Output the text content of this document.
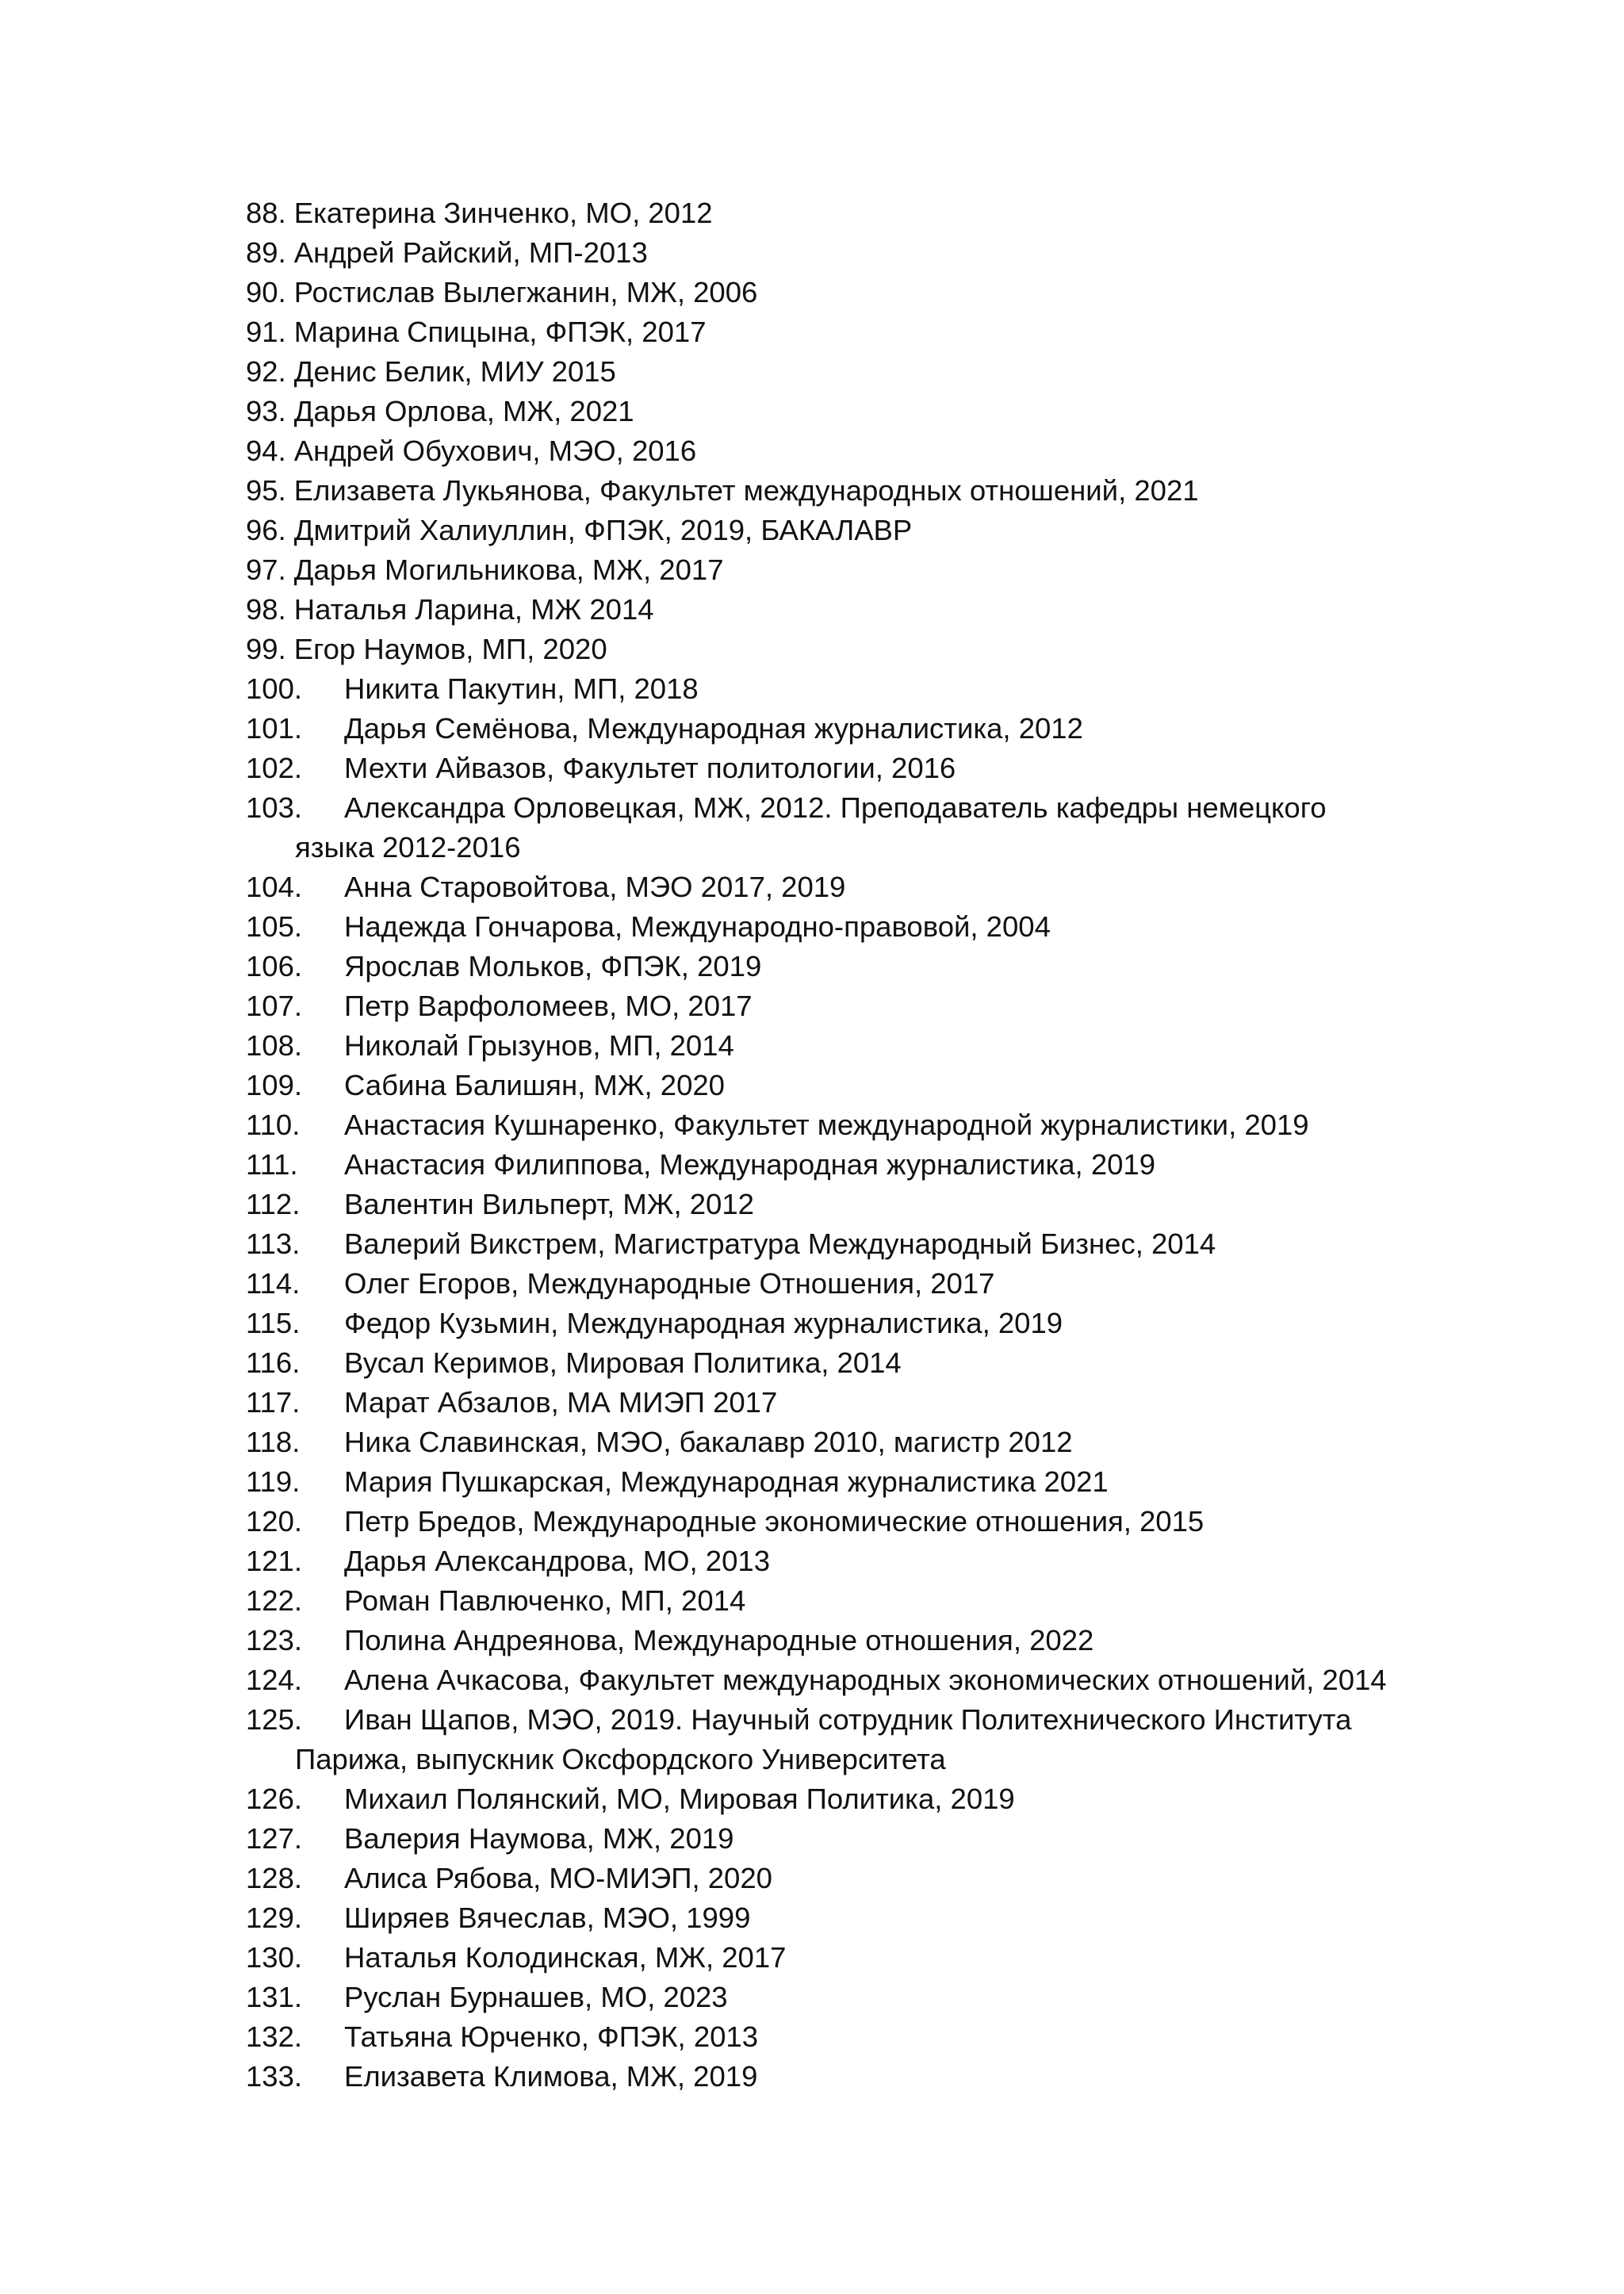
88. Екатерина Зинченко, МО, 2012
89. Андрей Райский, МП-2013
90. Ростислав Вылегжанин, МЖ, 2006
91. Марина Спицына, ФПЭК, 2017
92. Денис Белик, МИУ 2015
93. Дарья Орлова, МЖ, 2021
94. Андрей Обухович, МЭО, 2016
95. Елизавета Лукьянова, Факультет международных отношений, 2021
96. Дмитрий Халиуллин, ФПЭК, 2019, БАКАЛАВР
97. Дарья Могильникова, МЖ, 2017
98. Наталья Ларина, МЖ 2014
99. Егор Наумов, МП, 2020
100. Никита Пакутин, МП, 2018
101. Дарья Семёнова, Международная журналистика, 2012
102. Мехти Айвазов, Факультет политологии, 2016
103. Александра Орловецкая, МЖ, 2012. Преподаватель кафедры немецкого
языка 2012-2016
104. Анна Старовойтова, МЭО 2017, 2019
105. Надежда Гончарова, Международно-правовой, 2004
106. Ярослав Мольков, ФПЭК, 2019
107. Петр Варфоломеев, МО, 2017
108. Николай Грызунов, МП, 2014
109. Сабина Балишян, МЖ, 2020
110. Анастасия Кушнаренко, Факультет международной журналистики, 2019
111. Анастасия Филиппова, Международная журналистика, 2019
112. Валентин Вильперт, МЖ, 2012
113. Валерий Викстрем, Магистратура Международный Бизнес, 2014
114. Олег Егоров, Международные Отношения, 2017
115. Федор Кузьмин, Международная журналистика, 2019
116. Вусал Керимов, Мировая Политика, 2014
117. Марат Абзалов, МА МИЭП 2017
118. Ника Славинская, МЭО, бакалавр 2010, магистр 2012
119. Мария Пушкарская, Международная журналистика 2021
120. Петр Бредов, Международные экономические отношения, 2015
121. Дарья Александрова, МО, 2013
122. Роман Павлюченко, МП, 2014
123. Полина Андреянова, Международные отношения, 2022
124. Алена Ачкасова, Факультет международных экономических отношений, 2014
125. Иван Щапов, МЭО, 2019. Научный сотрудник Политехнического Института
Парижа, выпускник Оксфордского Университета
126. Михаил Полянский, МО, Мировая Политика, 2019
127. Валерия Наумова, МЖ, 2019
128. Алиса Рябова, МО-МИЭП, 2020
129. Ширяев Вячеслав, МЭО, 1999
130. Наталья Колодинская, МЖ, 2017
131. Руслан Бурнашев, МО, 2023
132. Татьяна Юрченко, ФПЭК, 2013
133. Елизавета Климова, МЖ, 2019
